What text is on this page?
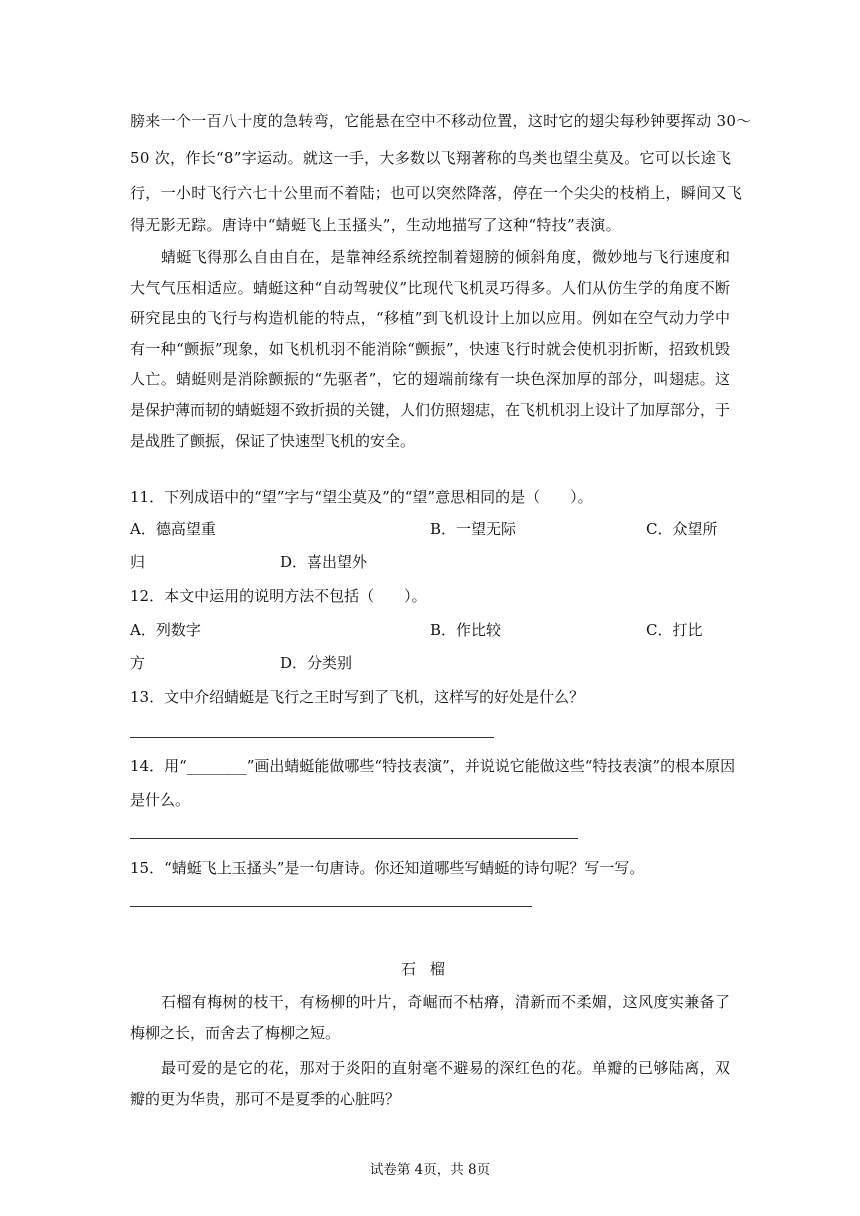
膀来一个一百八十度的急转弯，它能悬在空中不移动位置，这时它的翅尖每秒钟要挥动 30～
50 次，作长“8”字运动。就这一手，大多数以飞翔著称的鸟类也望尘莫及。它可以长途飞
行，一小时飞行六七十公里而不着陆；也可以突然降落，停在一个尖尖的枝梢上，瞬间又飞
得无影无踪。唐诗中“蜻蜓飞上玉搔头”，生动地描写了这种“特技”表演。
蜻蜓飞得那么自由自在，是靠神经系统控制着翅膀的倾斜角度，微妙地与飞行速度和大气气压相适应。蜻蜓这种“自动驾驶仪”比现代飞机灵巧得多。人们从仿生学的角度不断研究昆虫的飞行与构造机能的特点，“移植”到飞机设计上加以应用。例如在空气动力学中有一种“颤振”现象，如飞机机羽不能消除“颤振”，快速飞行时就会使机羽折断，招致机毁人亡。蜻蜓则是消除颤振的“先驱者”，它的翅端前缘有一块色深加厚的部分，叫翅痣。这是保护薄而韧的蜻蜓翅不致折损的关键，人们仿照翅痣，在飞机机羽上设计了加厚部分，于是战胜了颤振，保证了快速型飞机的安全。
11．下列成语中的“望”字与“望尘莫及”的“望”意思相同的是（　　）。
A．德高望重	B．一望无际	C．众望所
归	D．喜出望外
12．本文中运用的说明方法不包括（　　）。
A．列数字	B．作比较	C．打比
方	D．分类别
13．文中介绍蜻蜓是飞行之王时写到了飞机，这样写的好处是什么？
14．用“________”画出蜻蜓能做哪些“特技表演”，并说说它能做这些“特技表演”的根本原因
是什么。
15．“蜻蜓飞上玉搔头”是一句唐诗。你还知道哪些写蜻蜓的诗句呢？写一写。
石榴
石榴有梅树的枝干，有杨柳的叶片，奇崛而不枯瘠，清新而不柔媚，这风度实兼备了梅柳之长，而舍去了梅柳之短。
最可爱的是它的花，那对于炎阳的直射毫不避易的深红色的花。单瓣的已够陆离，双瓣的更为华贵，那可不是夏季的心脏吗？
试卷第 4页，共 8页
